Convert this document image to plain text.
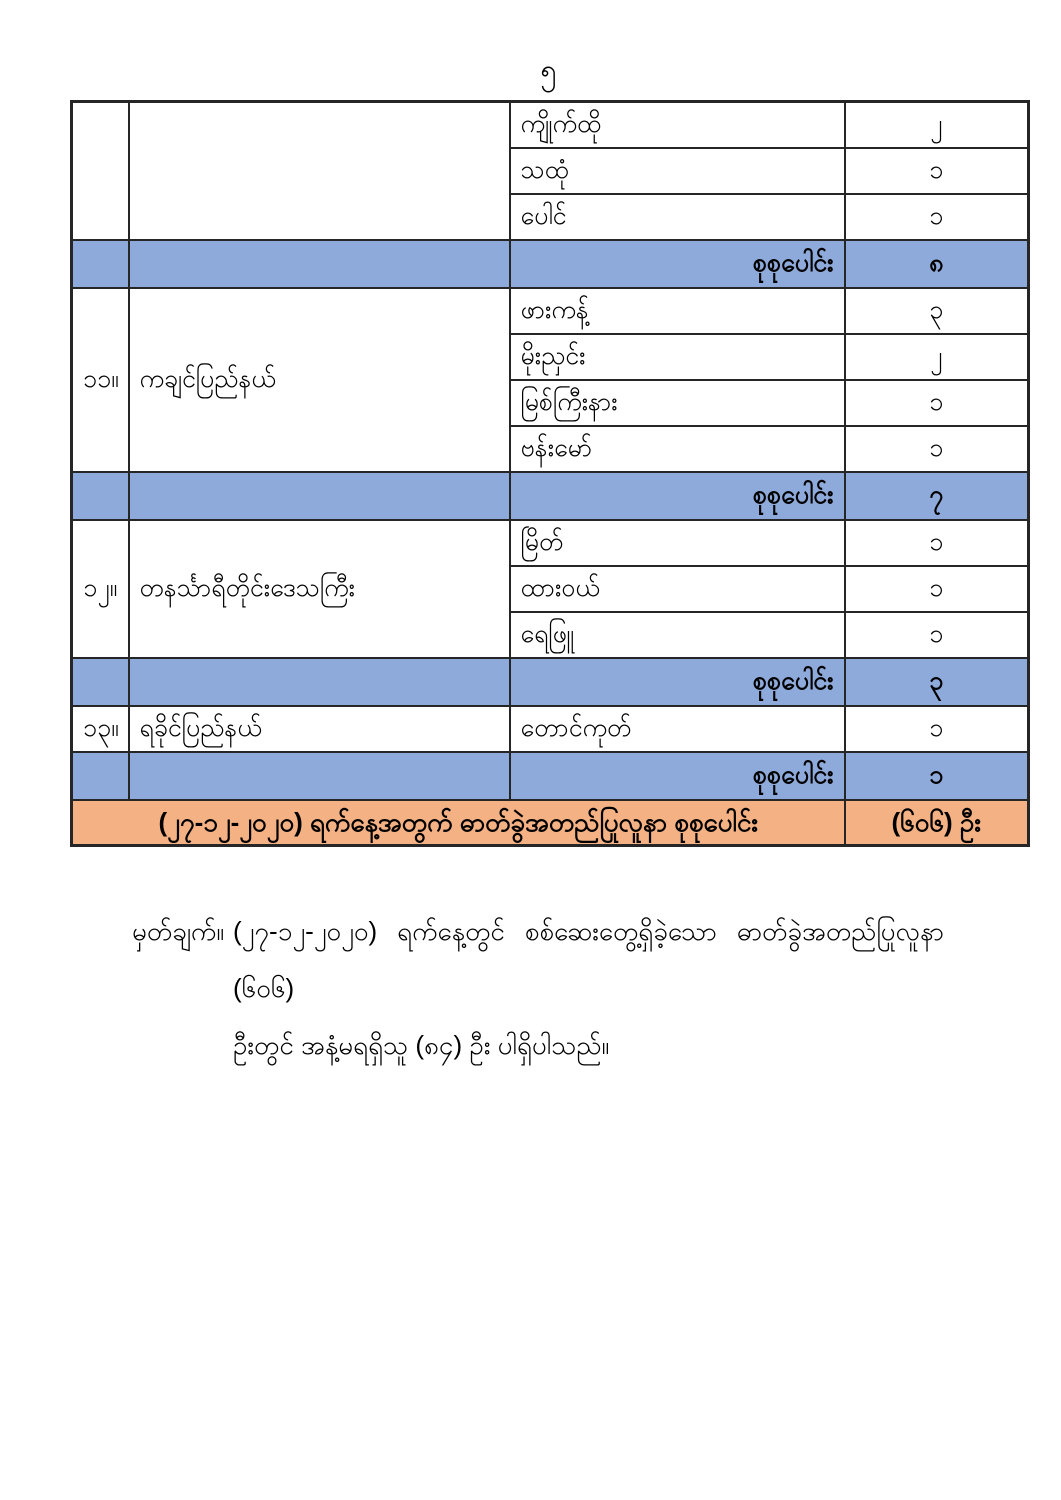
၅
		ကျိုက်ထို	၂
		သထုံ	၁
		ပေါင်	၁
		စုစုပေါင်း	၈
၁၁။	ကချင်ပြည်နယ်	ဖားကန့်	၃
		မိုးညှင်း	၂
		မြစ်ကြီးနား	၁
		ဗန်းမော်	၁
		စုစုပေါင်း	၇
၁၂။	တနင်္သာရီတိုင်းဒေသကြီး	မြိတ်	၁
		ထားဝယ်	၁
		ရေဖြူ	၁
		စုစုပေါင်း	၃
၁၃။	ရခိုင်ပြည်နယ်	တောင်ကုတ်	၁
		စုစုပေါင်း	၁
(၂၇-၁၂-၂၀၂၀) ရက်နေ့အတွက် ဓာတ်ခွဲအတည်ပြုလူနာ စုစုပေါင်း			(၆၀၆) ဦး
မှတ်ချက်။ (၂၇-၁၂-၂၀၂၀) ရက်နေ့တွင် စစ်ဆေးတွေ့ရှိခဲ့သော ဓာတ်ခွဲအတည်ပြုလူနာ (၆၀၆)
ဦးတွင် အနံ့မရရှိသူ (၈၄) ဦး ပါရှိပါသည်။
